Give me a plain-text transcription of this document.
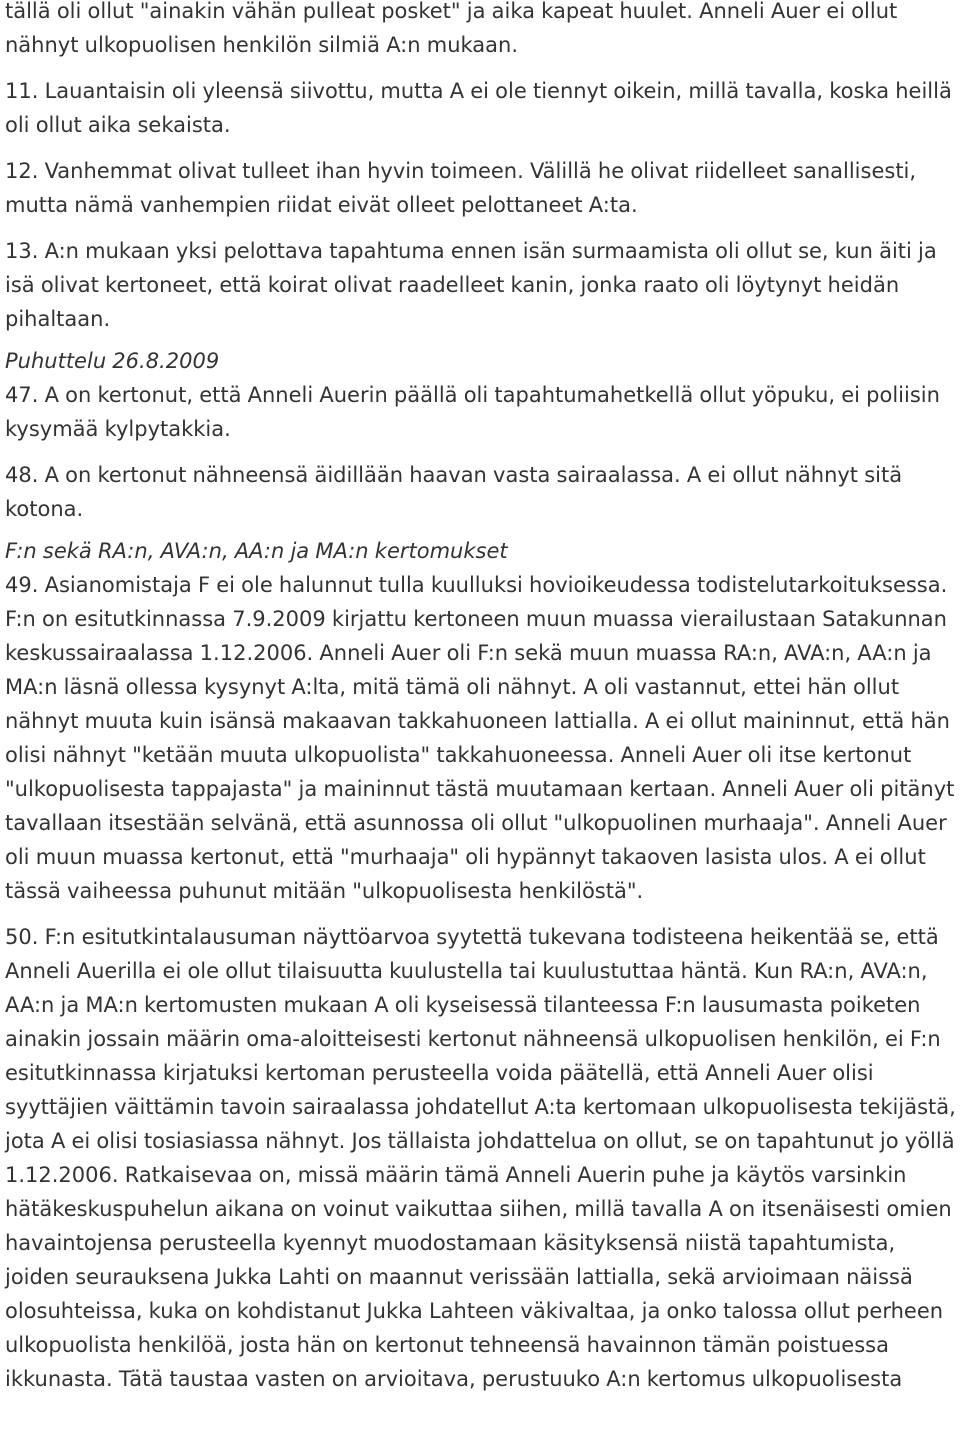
tällä oli ollut "ainakin vähän pulleat posket" ja aika kapeat huulet. Anneli Auer ei ollut nähnyt ulkopuolisen henkilön silmiä A:n mukaan.

11. Lauantaisin oli yleensä siivottu, mutta A ei ole tiennyt oikein, millä tavalla, koska heillä oli ollut aika sekaista.

12. Vanhemmat olivat tulleet ihan hyvin toimeen. Välillä he olivat riidelleet sanallisesti, mutta nämä vanhempien riidat eivät olleet pelottaneet A:ta.

13. A:n mukaan yksi pelottava tapahtuma ennen isän surmaamista oli ollut se, kun äiti ja isä olivat kertoneet, että koirat olivat raadelleet kanin, jonka raato oli löytynyt heidän pihaltaan.

Puhuttelu 26.8.2009

47. A on kertonut, että Anneli Auerin päällä oli tapahtumahetkellä ollut yöpuku, ei poliisin kysymää kylpytakkia.

48. A on kertonut nähneensä äidillään haavan vasta sairaalassa. A ei ollut nähnyt sitä kotona.

F:n sekä RA:n, AVA:n, AA:n ja MA:n kertomukset

49. Asianomistaja F ei ole halunnut tulla kuulluksi hovioikeudessa todistelutarkoituksessa. F:n on esitutkinnassa 7.9.2009 kirjattu kertoneen muun muassa vierailustaan Satakunnan keskussairaalassa 1.12.2006. Anneli Auer oli F:n sekä muun muassa RA:n, AVA:n, AA:n ja MA:n läsnä ollessa kysynyt A:lta, mitä tämä oli nähnyt. A oli vastannut, ettei hän ollut nähnyt muuta kuin isänsä makaavan takkahuoneen lattialla. A ei ollut maininnut, että hän olisi nähnyt "ketään muuta ulkopuolista" takkahuoneessa. Anneli Auer oli itse kertonut "ulkopuolisesta tappajasta" ja maininnut tästä muutamaan kertaan. Anneli Auer oli pitänyt tavallaan itsestään selvänä, että asunnossa oli ollut "ulkopuolinen murhaaja". Anneli Auer oli muun muassa kertonut, että "murhaaja" oli hypännyt takaoven lasista ulos. A ei ollut tässä vaiheessa puhunut mitään "ulkopuolisesta henkilöstä".

50. F:n esitutkintalausuman näyttöarvoa syytettä tukevana todisteena heikentää se, että Anneli Auerilla ei ole ollut tilaisuutta kuulustella tai kuulustuttaa häntä. Kun RA:n, AVA:n, AA:n ja MA:n kertomusten mukaan A oli kyseisessä tilanteessa F:n lausumasta poiketen ainakin jossain määrin oma-aloitteisesti kertonut nähneensä ulkopuolisen henkilön, ei F:n esitutkinnassa kirjatuksi kertoman perusteella voida päätellä, että Anneli Auer olisi syyttäjien väittämin tavoin sairaalassa johdatellut A:ta kertomaan ulkopuolisesta tekijästä, jota A ei olisi tosiasiassa nähnyt. Jos tällaista johdattelua on ollut, se on tapahtunut jo yöllä 1.12.2006. Ratkaisevaa on, missä määrin tämä Anneli Auerin puhe ja käytös varsinkin hätäkeskuspuhelun aikana on voinut vaikuttaa siihen, millä tavalla A on itsenäisesti omien havaintojensa perusteella kyennyt muodostamaan käsityksensä niistä tapahtumista, joiden seurauksena Jukka Lahti on maannut verissään lattialla, sekä arvioimaan näissä olosuhteissa, kuka on kohdistanut Jukka Lahteen väkivaltaa, ja onko talossa ollut perheen ulkopuolista henkilöä, josta hän on kertonut tehneensä havainnon tämän poistuessa ikkunasta. Tätä taustaa vasten on arvioitava, perustuuko A:n kertomus ulkopuolisesta
